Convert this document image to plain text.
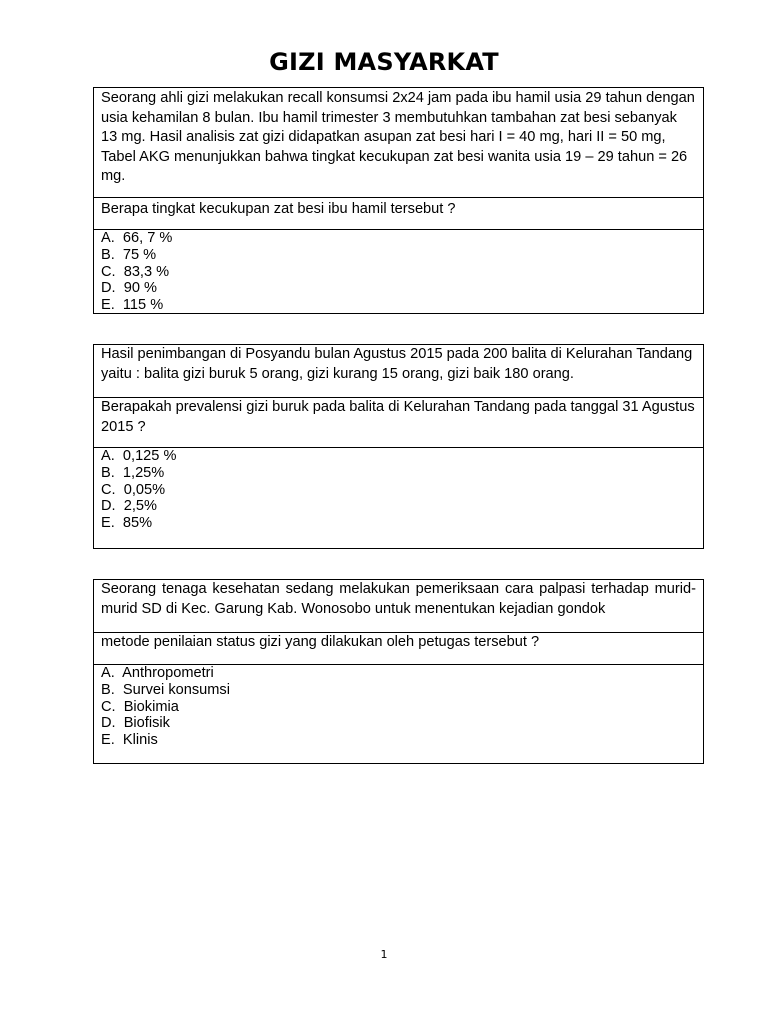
GIZI MASYARKAT
Seorang ahli gizi melakukan recall konsumsi 2x24 jam pada ibu hamil usia 29 tahun dengan usia kehamilan 8 bulan. Ibu hamil trimester 3 membutuhkan tambahan zat besi sebanyak 13 mg. Hasil analisis zat gizi didapatkan asupan zat besi hari I = 40 mg, hari II = 50 mg, Tabel AKG menunjukkan bahwa tingkat kecukupan zat besi wanita usia 19 – 29 tahun = 26 mg.
Berapa tingkat kecukupan zat besi ibu hamil tersebut ?
A.  66, 7 %
B.  75 %
C.  83,3 %
D.  90 %
E.  115 %
Hasil penimbangan di Posyandu bulan Agustus 2015 pada 200 balita di Kelurahan Tandang yaitu : balita gizi buruk 5 orang, gizi kurang 15 orang, gizi baik 180 orang.
Berapakah prevalensi gizi buruk pada balita di Kelurahan Tandang pada tanggal 31 Agustus 2015 ?
A.  0,125 %
B.  1,25%
C.  0,05%
D.  2,5%
E.  85%
Seorang tenaga kesehatan sedang melakukan pemeriksaan cara palpasi terhadap murid-murid SD di Kec. Garung Kab. Wonosobo untuk menentukan kejadian gondok
metode penilaian status gizi yang dilakukan oleh petugas tersebut ?
A.  Anthropometri
B.  Survei konsumsi
C.  Biokimia
D.  Biofisik
E.  Klinis
1
